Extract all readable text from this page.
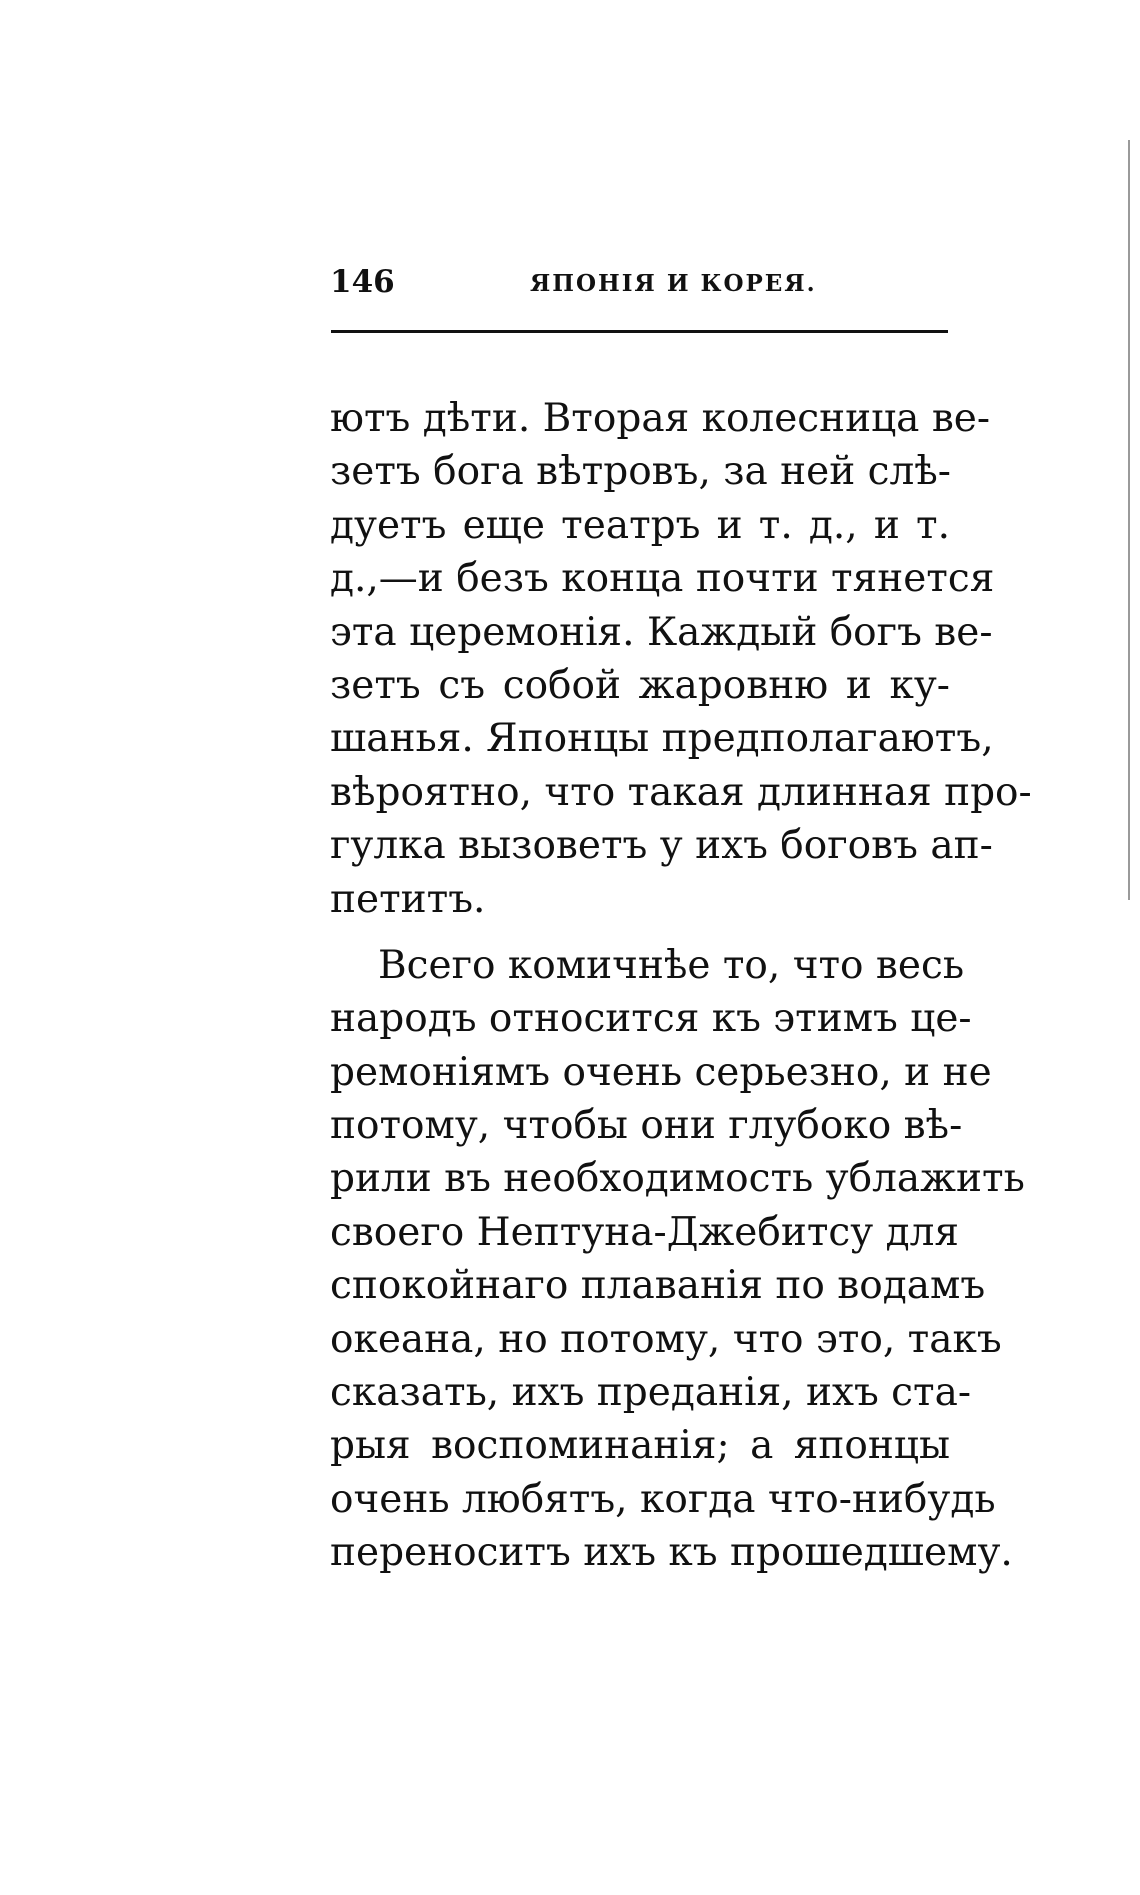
146	ЯПОНІЯ И КОРЕЯ.
ютъ дѣти. Вторая колесница ве-
зетъ бога вѣтровъ, за ней слѣ-
дуетъ еще театръ и т. д., и т.
д.,—и безъ конца почти тянется
эта церемонія. Каждый богъ ве-
зетъ съ собой жаровню и ку-
шанья. Японцы предполагаютъ,
вѣроятно, что такая длинная про-
гулка вызоветъ у ихъ боговъ ап-
петитъ.
Всего комичнѣе то, что весь
народъ относится къ этимъ це-
ремоніямъ очень серьезно, и не
потому, чтобы они глубоко вѣ-
рили въ необходимость ублажить
своего Нептуна-Джебитсу для
спокойнаго плаванія по водамъ
океана, но потому, что это, такъ
сказать, ихъ преданія, ихъ ста-
рыя воспоминанія; а японцы
очень любятъ, когда что-нибудь
переноситъ ихъ къ прошедшему.
